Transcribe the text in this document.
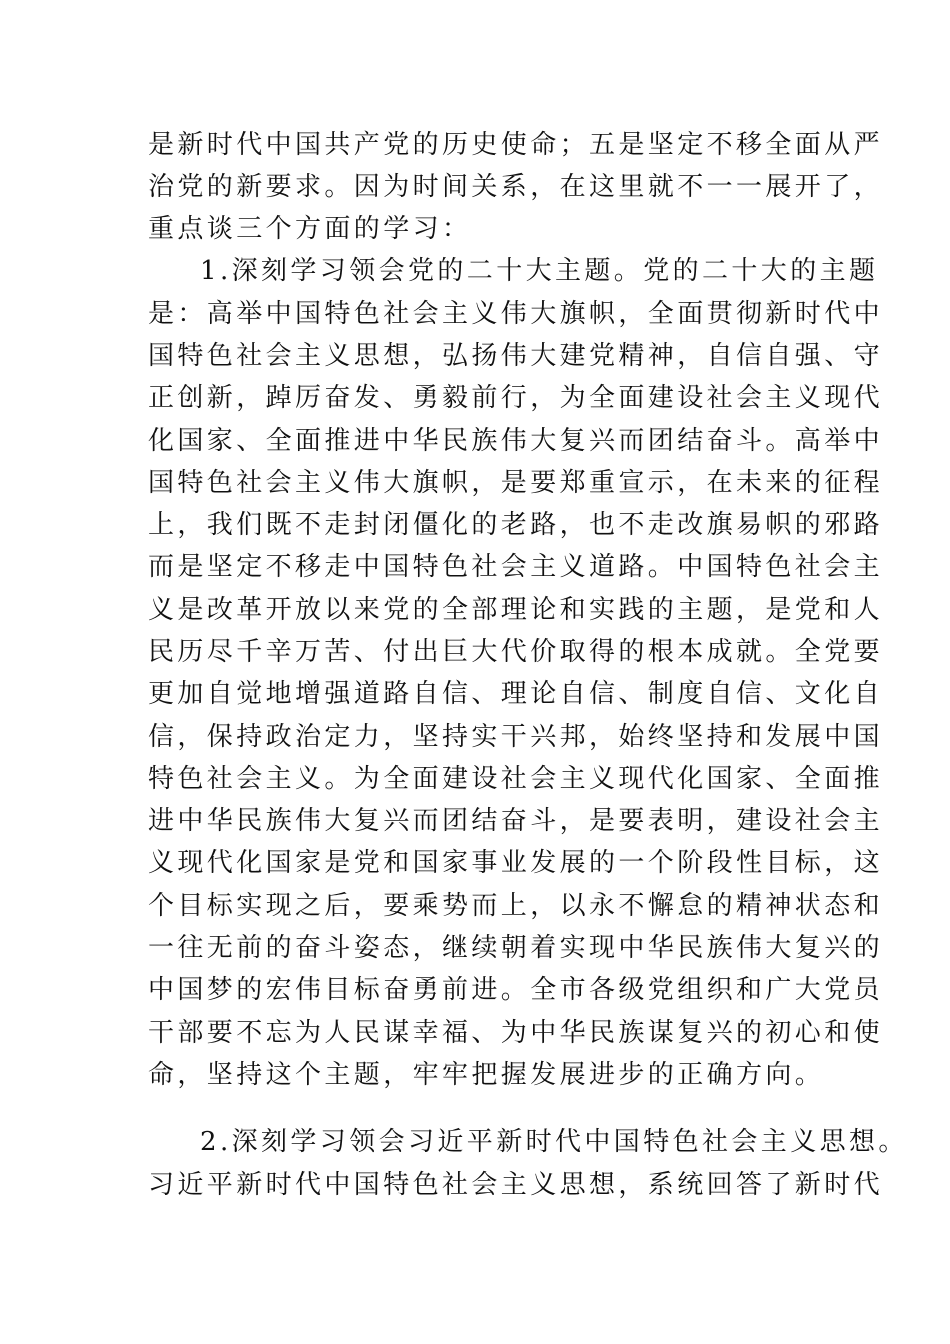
是新时代中国共产党的历史使命；五是坚定不移全面从严
治党的新要求。因为时间关系，在这里就不一一展开了，
重点谈三个方面的学习：
1.深刻学习领会党的二十大主题。党的二十大的主题
是：高举中国特色社会主义伟大旗帜，全面贯彻新时代中
国特色社会主义思想，弘扬伟大建党精神，自信自强、守
正创新，踔厉奋发、勇毅前行，为全面建设社会主义现代
化国家、全面推进中华民族伟大复兴而团结奋斗。高举中
国特色社会主义伟大旗帜，是要郑重宣示，在未来的征程
上，我们既不走封闭僵化的老路，也不走改旗易帜的邪路
而是坚定不移走中国特色社会主义道路。中国特色社会主
义是改革开放以来党的全部理论和实践的主题，是党和人
民历尽千辛万苦、付出巨大代价取得的根本成就。全党要
更加自觉地增强道路自信、理论自信、制度自信、文化自
信，保持政治定力，坚持实干兴邦，始终坚持和发展中国
特色社会主义。为全面建设社会主义现代化国家、全面推
进中华民族伟大复兴而团结奋斗，是要表明，建设社会主
义现代化国家是党和国家事业发展的一个阶段性目标，这
个目标实现之后，要乘势而上，以永不懈怠的精神状态和
一往无前的奋斗姿态，继续朝着实现中华民族伟大复兴的
中国梦的宏伟目标奋勇前进。全市各级党组织和广大党员
干部要不忘为人民谋幸福、为中华民族谋复兴的初心和使
命，坚持这个主题，牢牢把握发展进步的正确方向。
2.深刻学习领会习近平新时代中国特色社会主义思想。
习近平新时代中国特色社会主义思想，系统回答了新时代
